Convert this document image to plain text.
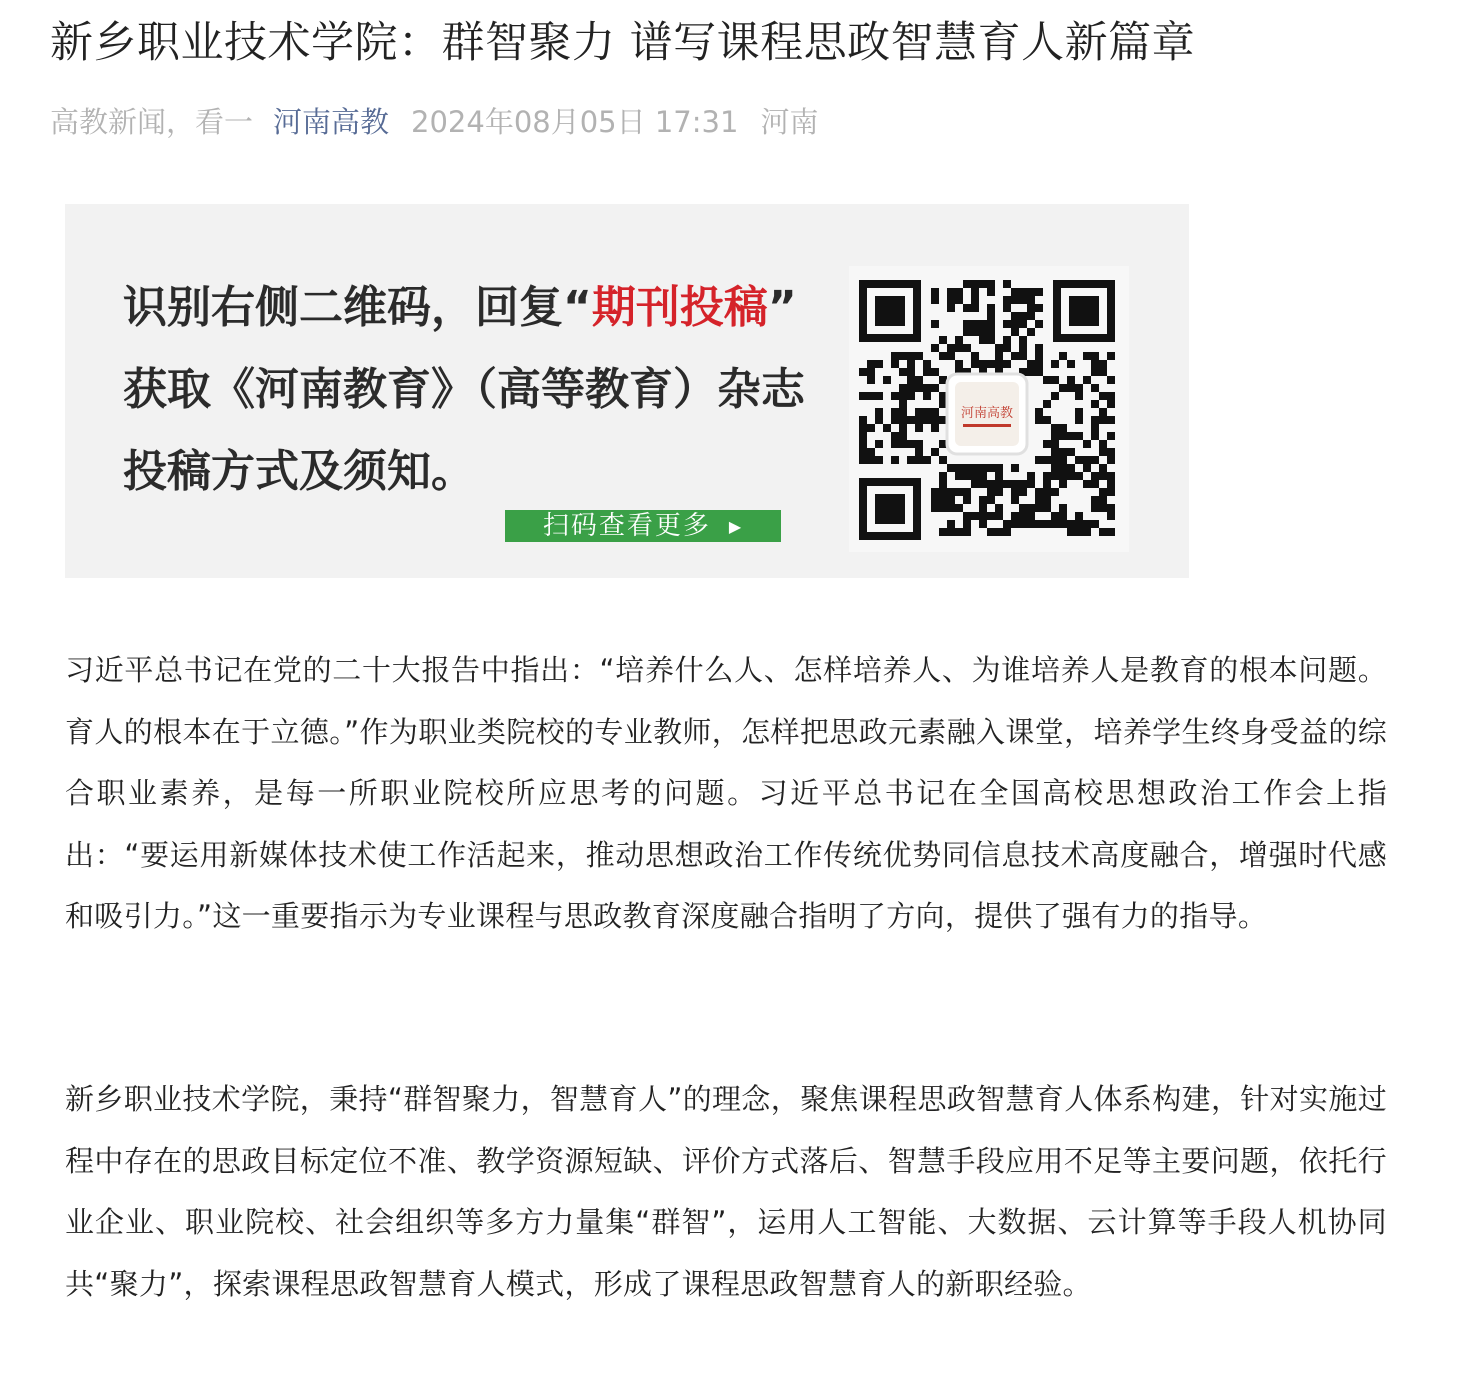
新乡职业技术学院：群智聚力 谱写课程思政智慧育人新篇章
高教新闻，看一 河南高教 2024年08月05日 17:31 河南
识别右侧二维码，回复“期刊投稿”
获取《河南教育》（高等教育）杂志
投稿方式及须知。
扫码查看更多 ▶
河南高教

习近平总书记在党的二十大报告中指出：“培养什么人、怎样培养人、为谁培养人是教育的根本问题。育人的根本在于立德。”作为职业类院校的专业教师，怎样把思政元素融入课堂，培养学生终身受益的综合职业素养，是每一所职业院校所应思考的问题。习近平总书记在全国高校思想政治工作会上指出：“要运用新媒体技术使工作活起来，推动思想政治工作传统优势同信息技术高度融合，增强时代感和吸引力。”这一重要指示为专业课程与思政教育深度融合指明了方向，提供了强有力的指导。

新乡职业技术学院，秉持“群智聚力，智慧育人”的理念，聚焦课程思政智慧育人体系构建，针对实施过程中存在的思政目标定位不准、教学资源短缺、评价方式落后、智慧手段应用不足等主要问题，依托行业企业、职业院校、社会组织等多方力量集“群智”，运用人工智能、大数据、云计算等手段人机协同共“聚力”，探索课程思政智慧育人模式，形成了课程思政智慧育人的新职经验。
